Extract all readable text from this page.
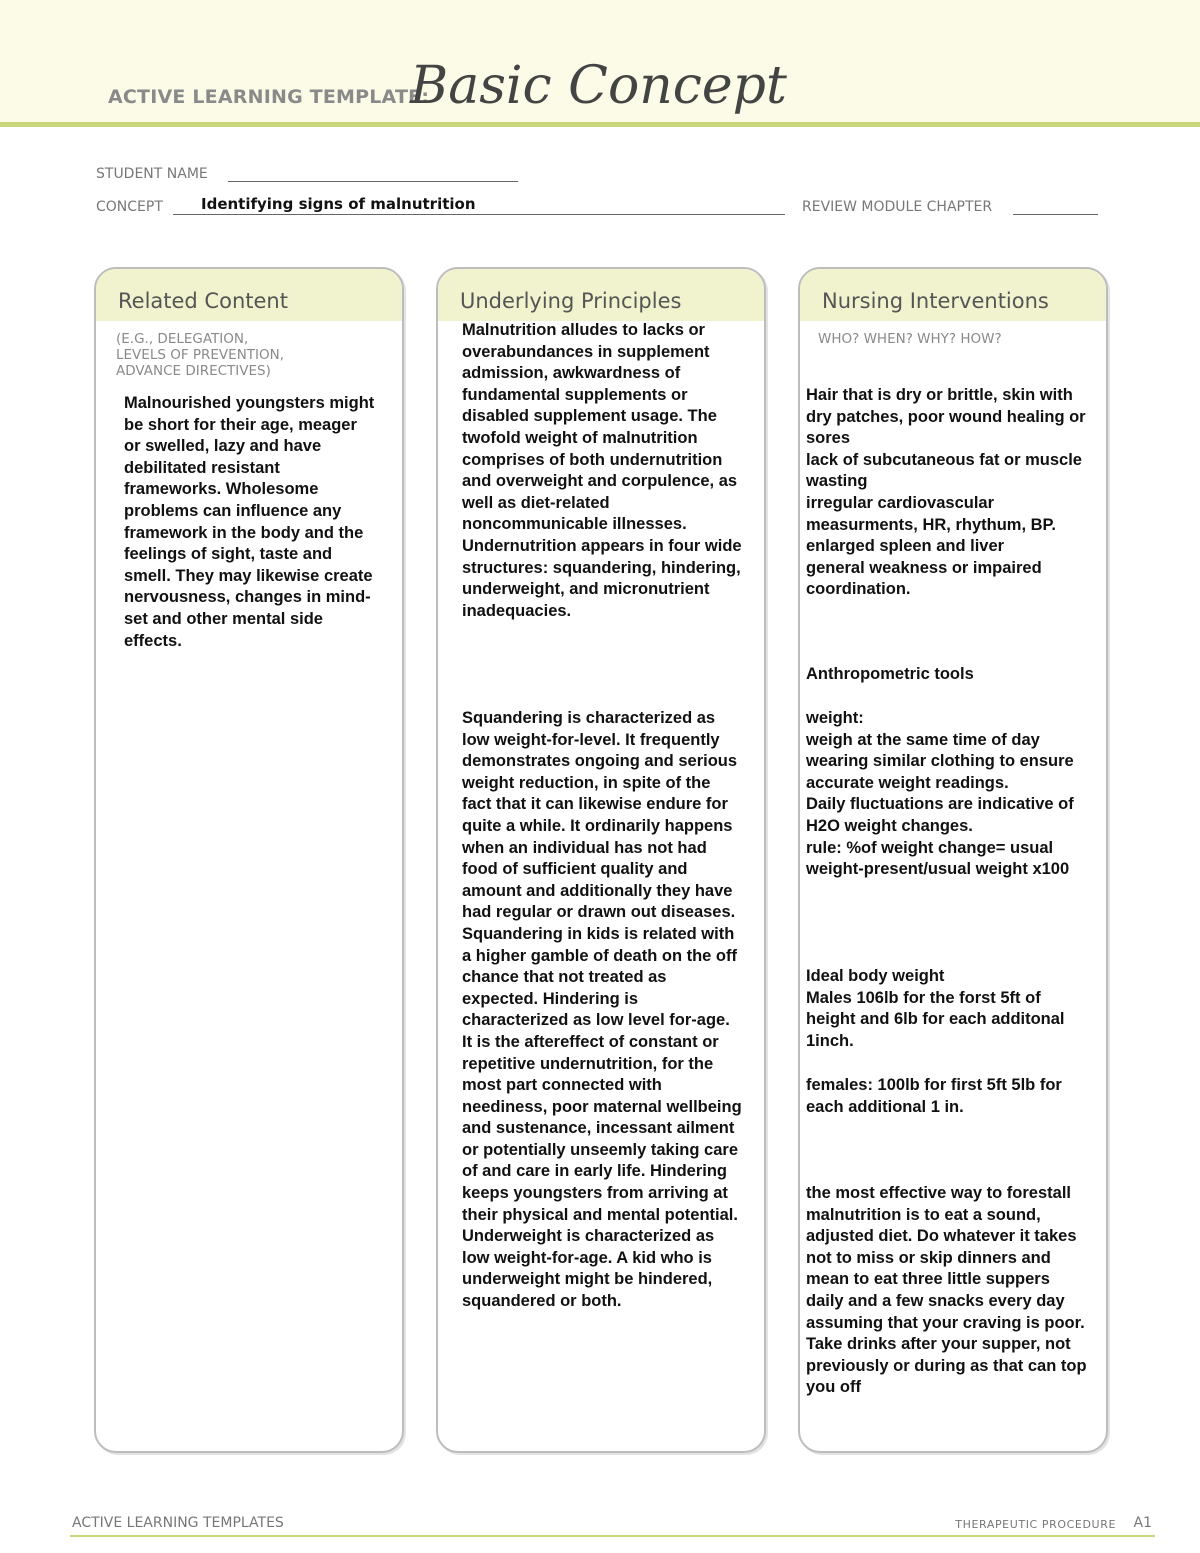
ACTIVE LEARNING TEMPLATE:
Basic Concept
STUDENT NAME
CONCEPT	Identifying signs of malnutrition	REVIEW MODULE CHAPTER
Related Content
(E.G., DELEGATION,
LEVELS OF PREVENTION,
ADVANCE DIRECTIVES)
Malnourished youngsters might be short for their age, meager or swelled, lazy and have debilitated resistant frameworks. Wholesome problems can influence any framework in the body and the feelings of sight, taste and smell. They may likewise create nervousness, changes in mind-set and other mental side effects.
Underlying Principles
Malnutrition alludes to lacks or overabundances in supplement admission, awkwardness of fundamental supplements or disabled supplement usage. The twofold weight of malnutrition comprises of both undernutrition and overweight and corpulence, as well as diet-related noncommunicable illnesses. Undernutrition appears in four wide structures: squandering, hindering, underweight, and micronutrient inadequacies.
Squandering is characterized as low weight-for-level. It frequently demonstrates ongoing and serious weight reduction, in spite of the fact that it can likewise endure for quite a while. It ordinarily happens when an individual has not had food of sufficient quality and amount and additionally they have had regular or drawn out diseases. Squandering in kids is related with a higher gamble of death on the off chance that not treated as expected. Hindering is characterized as low level for-age. It is the aftereffect of constant or repetitive undernutrition, for the most part connected with neediness, poor maternal wellbeing and sustenance, incessant ailment or potentially unseemly taking care of and care in early life. Hindering keeps youngsters from arriving at their physical and mental potential. Underweight is characterized as low weight-for-age. A kid who is underweight might be hindered, squandered or both.
Nursing Interventions
WHO? WHEN? WHY? HOW?
Hair that is dry or brittle, skin with dry patches, poor wound healing or sores
lack of subcutaneous fat or muscle wasting
irregular cardiovascular measurments, HR, rhythum, BP.
enlarged spleen and liver
general weakness or impaired coordination.
Anthropometric tools
weight:
weigh at the same time of day wearing similar clothing to ensure accurate weight readings.
Daily fluctuations are indicative of H2O weight changes.
rule: %of weight change= usual weight-present/usual weight x100
Ideal body weight
Males 106lb for the forst 5ft of height and 6lb for each additonal 1inch.
females: 100lb for first 5ft 5lb for each additional 1 in.
the most effective way to forestall malnutrition is to eat a sound, adjusted diet. Do whatever it takes not to miss or skip dinners and mean to eat three little suppers daily and a few snacks every day assuming that your craving is poor. Take drinks after your supper, not previously or during as that can top you off
ACTIVE LEARNING TEMPLATES	THERAPEUTIC PROCEDURE A1
